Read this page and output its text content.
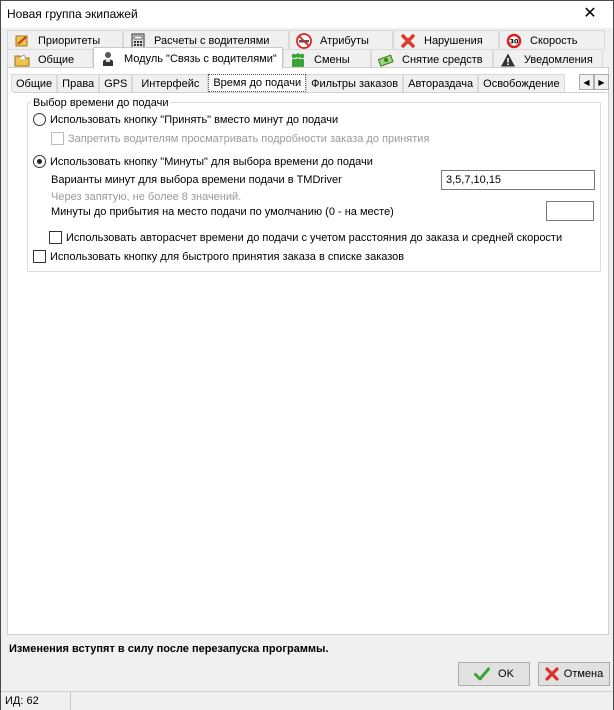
Новая группа экипажей	✕
Приоритеты	Расчеты с водителями	Атрибуты	Нарушения	30 Скорость
Общие	Модуль "Связь с водителями"	Смены	Снятие средств	Уведомления
Общие Права GPS	Интерфейс	Время до подачи Фильтры заказов Автораздача Освобождение	◀ ▶
Выбор времени до подачи
Использовать кнопку "Принять" вместо минут до подачи
Запретить водителям просматривать подробности заказа до принятия
Использовать кнопку "Минуты" для выбора времени до подачи
Варианты минут для выбора времени подачи в TMDriver	3,5,7,10,15
Через запятую, не более 8 значений.
Минуты до прибытия на место подачи по умолчанию (0 - на месте)
Использовать авторасчет времени до подачи с учетом расстояния до заказа и средней скорости
Использовать кнопку для быстрого принятия заказа в списке заказов
Изменения вступят в силу после перезапуска программы.
OK	Отмена
ИД: 62
